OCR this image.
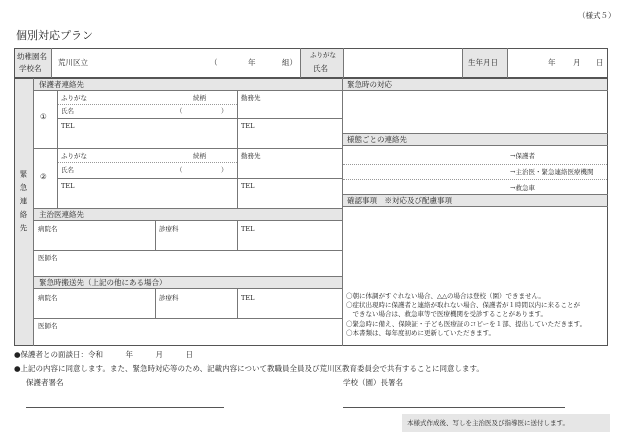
（様式５）
個別対応プラン
幼稚園名
学校名
荒川区立	（	年	組）
ふりがな
氏名
生年月日	年 月 日
緊急連絡先
保護者連絡先
①
ふりがな	続柄	勤務先
氏名	（	）
TEL	TEL
②
ふりがな	続柄	勤務先
氏名	（	）
TEL	TEL
主治医連絡先
病院名	診療科	TEL
医師名
緊急時搬送先（上記の他にある場合）
病院名	診療科	TEL
医師名
緊急時の対応
様態ごとの連絡先
→保護者
→主治医・緊急連絡医療機関
→救急車
確認事項　※対応及び配慮事項
〇朝に体調がすぐれない場合、△△の場合は登校（園）できません。
〇症状出現時に保護者と連絡が取れない場合、保護者が１時間以内に来ることが
　できない場合は、救急車等で医療機関を受診することがあります。
〇緊急時に備え、保険証・子ども医療証のコピーを１部、提出していただきます。
〇本書類は、毎年度初めに更新していただきます。
●保護者との面談日：令和　　　年　　　月　　　日
●上記の内容に同意します。また、緊急時対応等のため、記載内容について教職員全員及び荒川区教育委員会で共有することに同意します。
保護者署名	学校（園）長署名
本様式作成後、写しを主治医及び指導医に送付します。
